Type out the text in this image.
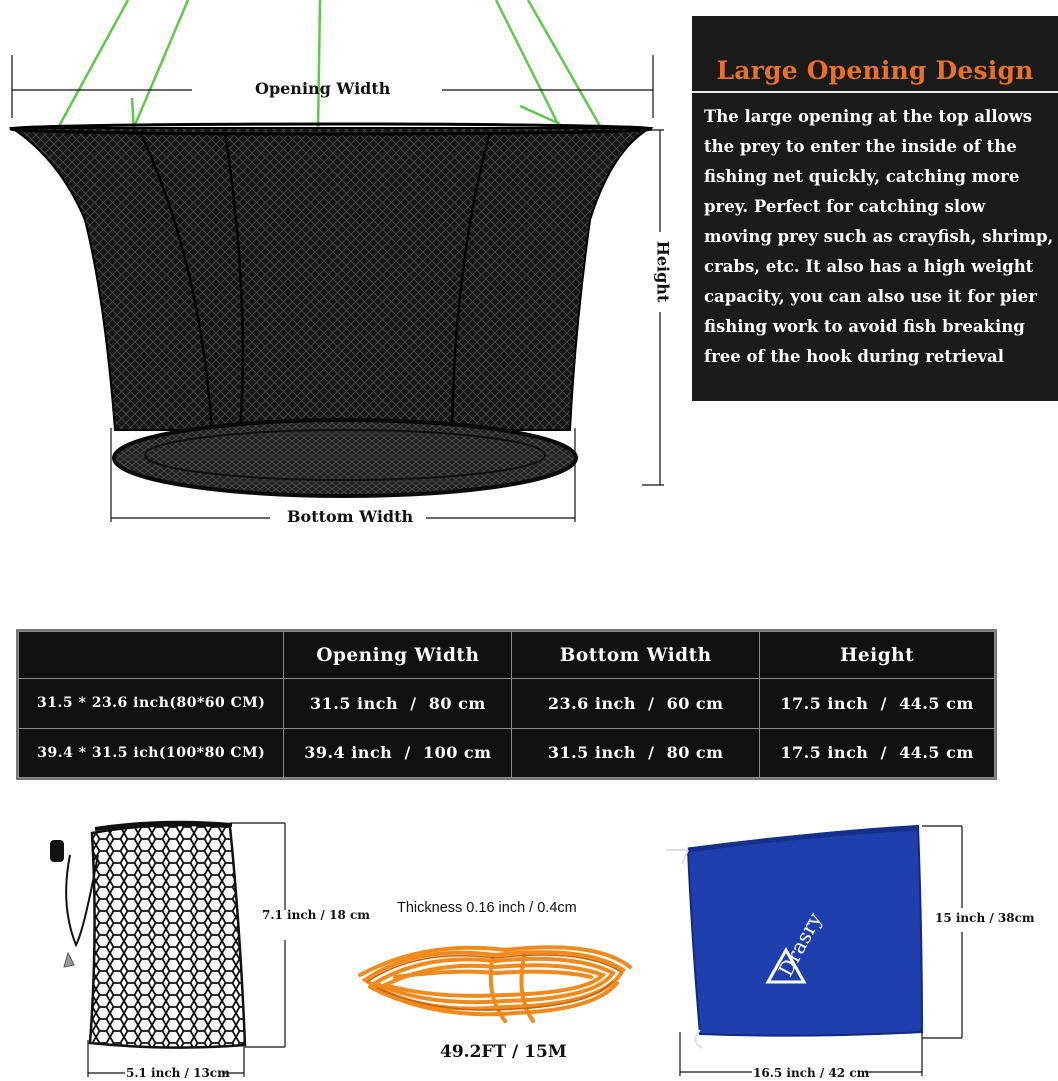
Opening Width
Height
Bottom Width
Large Opening Design
The large opening at the top allows the prey to enter the inside of the fishing net quickly, catching more prey. Perfect for catching slow moving prey such as crayfish, shrimp, crabs, etc. It also has a high weight capacity, you can also use it for pier fishing work to avoid fish breaking free of the hook during retrieval
	Opening Width	Bottom Width	Height
31.5 * 23.6 inch(80*60 CM)	31.5 inch  /  80 cm	23.6 inch  /  60 cm	17.5 inch  /  44.5 cm
39.4 * 31.5 ich(100*80 CM)	39.4 inch  /  100 cm	31.5 inch  /  80 cm	17.5 inch  /  44.5 cm
7.1 inch / 18 cm
5.1 inch / 13cm
Thickness 0.16 inch / 0.4cm
49.2FT / 15M
Drasry	15 inch / 38cm
16.5 inch / 42 cm
